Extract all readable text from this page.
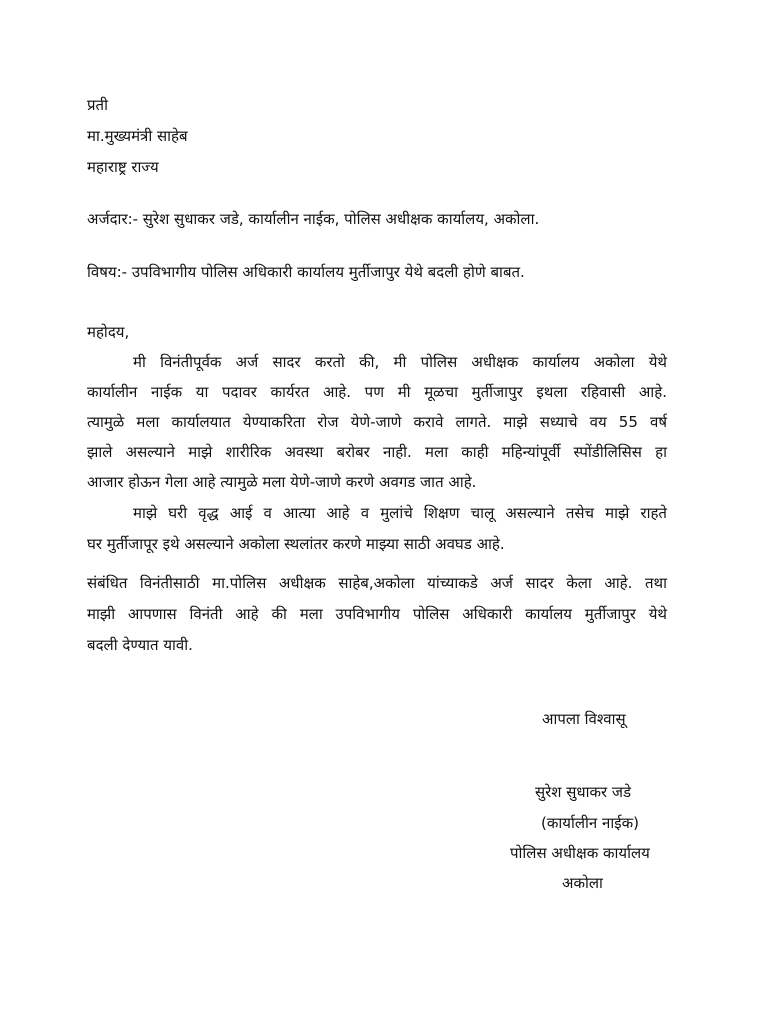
प्रती
मा.मुख्यमंत्री साहेब
महाराष्ट्र राज्य
अर्जदार:- सुरेश सुधाकर जडे, कार्यालीन नाईक, पोलिस अधीक्षक कार्यालय, अकोला.
विषय:- उपविभागीय पोलिस अधिकारी कार्यालय मुर्तीजापुर येथे बदली होणे बाबत.
महोदय,
मी विनंतीपूर्वक अर्ज सादर करतो की, मी पोलिस अधीक्षक कार्यालय अकोला येथे
कार्यालीन नाईक या पदावर कार्यरत आहे. पण मी मूळचा मुर्तीजापुर इथला रहिवासी आहे.
त्यामुळे मला कार्यालयात येण्याकरिता रोज येणे-जाणे करावे लागते. माझे सध्याचे वय 55 वर्ष
झाले असल्याने माझे शारीरिक अवस्था बरोबर नाही. मला काही महिन्यांपूर्वी स्पोंडीलिसिस हा
आजार होऊन गेला आहे त्यामुळे मला येणे-जाणे करणे अवगड जात आहे.
माझे घरी वृद्ध आई व आत्या आहे व मुलांचे शिक्षण चालू असल्याने तसेच माझे राहते
घर मुर्तीजापूर इथे असल्याने अकोला स्थलांतर करणे माझ्या साठी अवघड आहे.
संबंधित विनंतीसाठी मा.पोलिस अधीक्षक साहेब,अकोला यांच्याकडे अर्ज सादर केला आहे. तथा
माझी आपणास विनंती आहे की मला उपविभागीय पोलिस अधिकारी कार्यालय मुर्तीजापुर येथे
बदली देण्यात यावी.
आपला विश्वासू
सुरेश सुधाकर जडे
(कार्यालीन नाईक)
पोलिस अधीक्षक कार्यालय
अकोला
